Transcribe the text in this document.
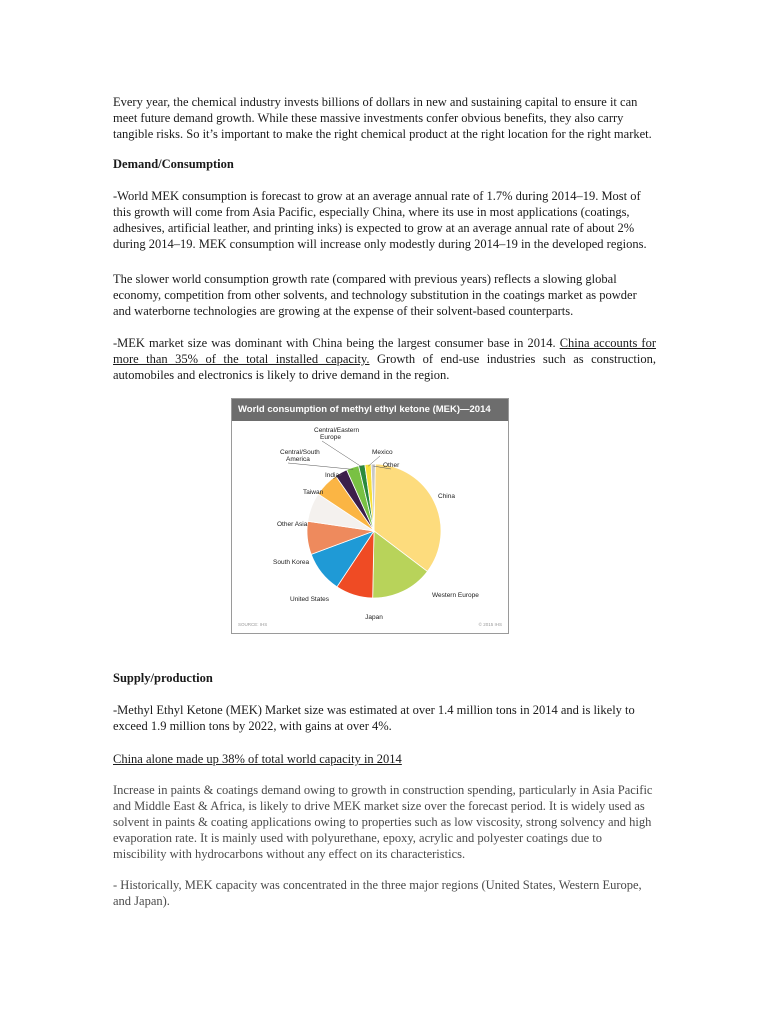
Every year, the chemical industry invests billions of dollars in new and sustaining capital to ensure it can meet future demand growth. While these massive investments confer obvious benefits, they also carry tangible risks. So it’s important to make the right chemical product at the right location for the right market.

Demand/Consumption

-World MEK consumption is forecast to grow at an average annual rate of 1.7% during 2014–19. Most of this growth will come from Asia Pacific, especially China, where its use in most applications (coatings, adhesives, artificial leather, and printing inks) is expected to grow at an average annual rate of about 2% during 2014–19. MEK consumption will increase only modestly during 2014–19 in the developed regions.

The slower world consumption growth rate (compared with previous years) reflects a slowing global economy, competition from other solvents, and technology substitution in the coatings market as powder and waterborne technologies are growing at the expense of their solvent-based counterparts.

-MEK market size was dominant with China being the largest consumer base in 2014. China accounts for more than 35% of the total installed capacity. Growth of end-use industries such as construction, automobiles and electronics is likely to drive demand in the region.

World consumption of methyl ethyl ketone (MEK)—2014
China
Western Europe
Japan
United States
South Korea
Other Asia
Taiwan
India
Central/South America
Central/Eastern Europe
Mexico
Other
SOURCE: IHS	© 2015 IHS

Supply/production

-Methyl Ethyl Ketone (MEK) Market size was estimated at over 1.4 million tons in 2014 and is likely to exceed 1.9 million tons by 2022, with gains at over 4%.

China alone made up 38% of total world capacity in 2014

Increase in paints & coatings demand owing to growth in construction spending, particularly in Asia Pacific and Middle East & Africa, is likely to drive MEK market size over the forecast period. It is widely used as solvent in paints & coating applications owing to properties such as low viscosity, strong solvency and high evaporation rate. It is mainly used with polyurethane, epoxy, acrylic and polyester coatings due to miscibility with hydrocarbons without any effect on its characteristics.

- Historically, MEK capacity was concentrated in the three major regions (United States, Western Europe, and Japan).
